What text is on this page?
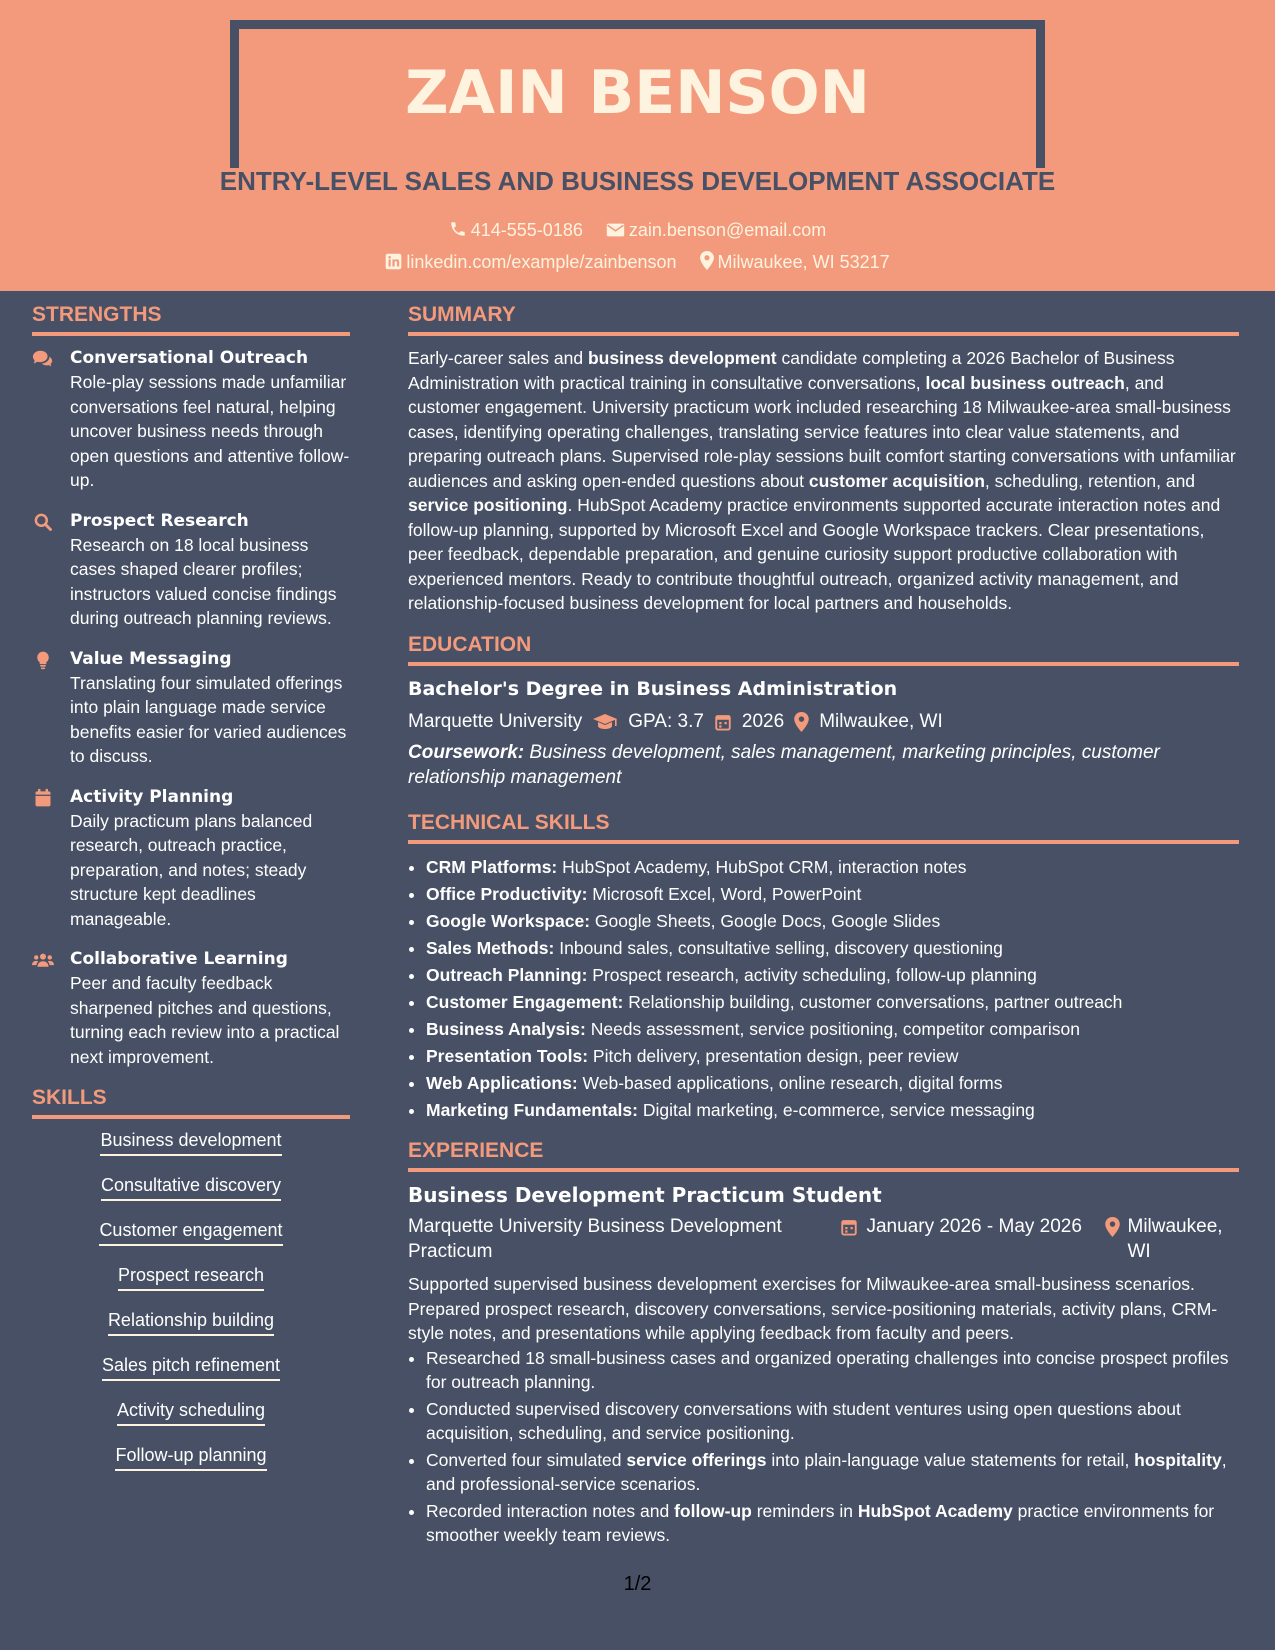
ZAIN BENSON
ENTRY-LEVEL SALES AND BUSINESS DEVELOPMENT ASSOCIATE
414-555-0186	zain.benson@email.com
linkedin.com/example/zainbenson Milwaukee, WI 53217
STRENGTHS
Conversational Outreach
Role-play sessions made unfamiliar conversations feel natural, helping uncover business needs through open questions and attentive follow-up.
Prospect Research
Research on 18 local business cases shaped clearer profiles; instructors valued concise findings during outreach planning reviews.
Value Messaging
Translating four simulated offerings into plain language made service benefits easier for varied audiences to discuss.
Activity Planning
Daily practicum plans balanced research, outreach practice, preparation, and notes; steady structure kept deadlines manageable.
Collaborative Learning
Peer and faculty feedback sharpened pitches and questions, turning each review into a practical next improvement.
SKILLS
Business development
Consultative discovery
Customer engagement
Prospect research
Relationship building
Sales pitch refinement
Activity scheduling
Follow-up planning
SUMMARY

Early-career sales and business development candidate completing a 2026 Bachelor of Business Administration with practical training in consultative conversations, local business outreach, and customer engagement. University practicum work included researching 18 Milwaukee-area small-business cases, identifying operating challenges, translating service features into clear value statements, and preparing outreach plans. Supervised role-play sessions built comfort starting conversations with unfamiliar audiences and asking open-ended questions about customer acquisition, scheduling, retention, and service positioning. HubSpot Academy practice environments supported accurate interaction notes and follow-up planning, supported by Microsoft Excel and Google Workspace trackers. Clear presentations, peer feedback, dependable preparation, and genuine curiosity support productive collaboration with experienced mentors. Ready to contribute thoughtful outreach, organized activity management, and relationship-focused business development for local partners and households.

EDUCATION
Bachelor's Degree in Business Administration
Marquette University GPA: 3.7 2026 Milwaukee, WI
Coursework: Business development, sales management, marketing principles, customer relationship management
TECHNICAL SKILLS
• CRM Platforms: HubSpot Academy, HubSpot CRM, interaction notes
• Office Productivity: Microsoft Excel, Word, PowerPoint
• Google Workspace: Google Sheets, Google Docs, Google Slides
• Sales Methods: Inbound sales, consultative selling, discovery questioning
• Outreach Planning: Prospect research, activity scheduling, follow-up planning
• Customer Engagement: Relationship building, customer conversations, partner outreach
• Business Analysis: Needs assessment, service positioning, competitor comparison
• Presentation Tools: Pitch delivery, presentation design, peer review
• Web Applications: Web-based applications, online research, digital forms
• Marketing Fundamentals: Digital marketing, e-commerce, service messaging
EXPERIENCE
Business Development Practicum Student
Marquette University Business Development Practicum
January 2026 - May 2026 Milwaukee, WI

Supported supervised business development exercises for Milwaukee-area small-business scenarios. Prepared prospect research, discovery conversations, service-positioning materials, activity plans, CRM-style notes, and presentations while applying feedback from faculty and peers.

• Researched 18 small-business cases and organized operating challenges into concise prospect profiles for outreach planning.
• Conducted supervised discovery conversations with student ventures using open questions about acquisition, scheduling, and service positioning.
• Converted four simulated service offerings into plain-language value statements for retail, hospitality, and professional-service scenarios.
• Recorded interaction notes and follow-up reminders in HubSpot Academy practice environments for smoother weekly team reviews.
1/2
